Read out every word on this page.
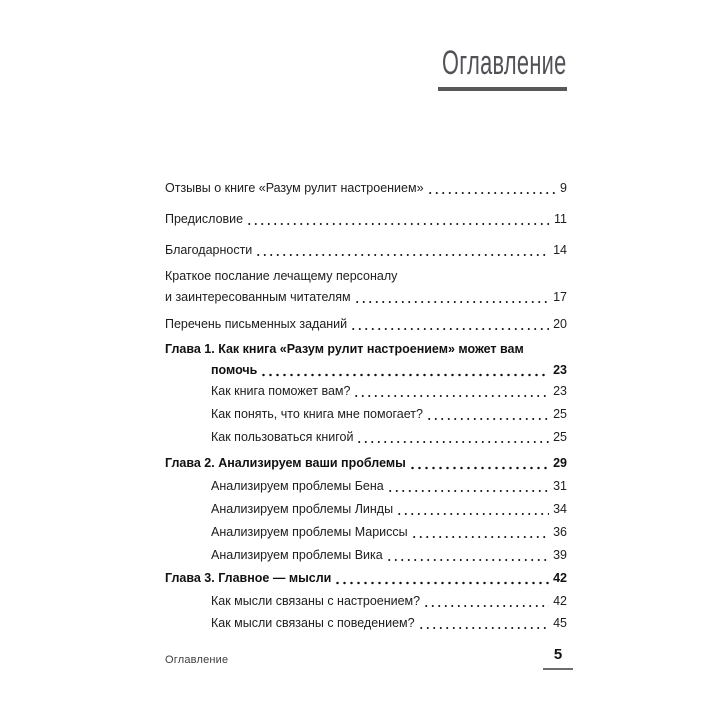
Оглавление
Отзывы о книге «Разум рулит настроением»	9
Предисловие	11
Благодарности	14
Краткое послание лечащему персоналу
и заинтересованным читателям	17
Перечень письменных заданий	20
Глава 1. Как книга «Разум рулит настроением» может вам
помочь	23
Как книга поможет вам?	23
Как понять, что книга мне помогает?	25
Как пользоваться книгой	25
Глава 2. Анализируем ваши проблемы	29
Анализируем проблемы Бена	31
Анализируем проблемы Линды	34
Анализируем проблемы Мариссы	36
Анализируем проблемы Вика	39
Глава 3. Главное — мысли	42
Как мысли связаны с настроением?	42
Как мысли связаны с поведением?	45
Оглавление	5
